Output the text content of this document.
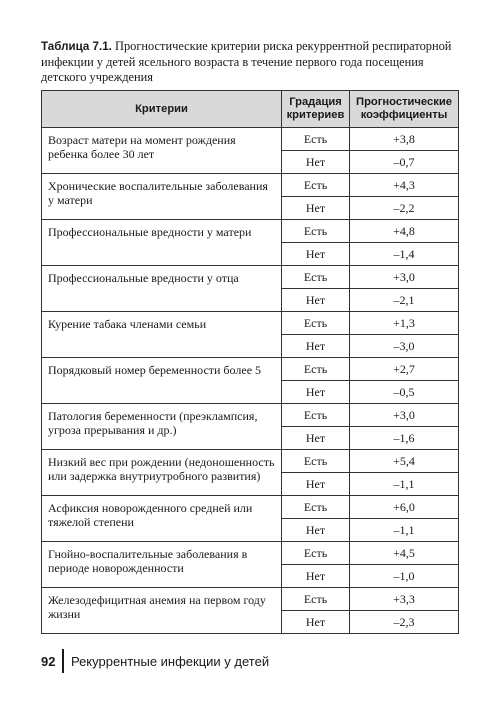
Таблица 7.1. Прогностические критерии риска рекуррентной респираторной инфекции у детей ясельного возраста в течение первого года посещения детского учреждения
Критерии	Градация критериев	Прогностические коэффициенты
Возраст матери на момент рождения ребенка более 30 лет	Есть	+3,8
	Нет	–0,7
Хронические воспалительные заболевания у матери	Есть	+4,3
	Нет	–2,2
Профессиональные вредности у матери	Есть	+4,8
	Нет	–1,4
Профессиональные вредности у отца	Есть	+3,0
	Нет	–2,1
Курение табака членами семьи	Есть	+1,3
	Нет	–3,0
Порядковый номер беременности более 5	Есть	+2,7
	Нет	–0,5
Патология беременности (преэклампсия, угроза прерывания и др.)	Есть	+3,0
	Нет	–1,6
Низкий вес при рождении (недоношенность или задержка внутриутробного развития)	Есть	+5,4
	Нет	–1,1
Асфиксия новорожденного средней или тяжелой степени	Есть	+6,0
	Нет	–1,1
Гнойно-воспалительные заболевания в периоде новорожденности	Есть	+4,5
	Нет	–1,0
Железодефицитная анемия на первом году жизни	Есть	+3,3
	Нет	–2,3
92	Рекуррентные инфекции у детей
